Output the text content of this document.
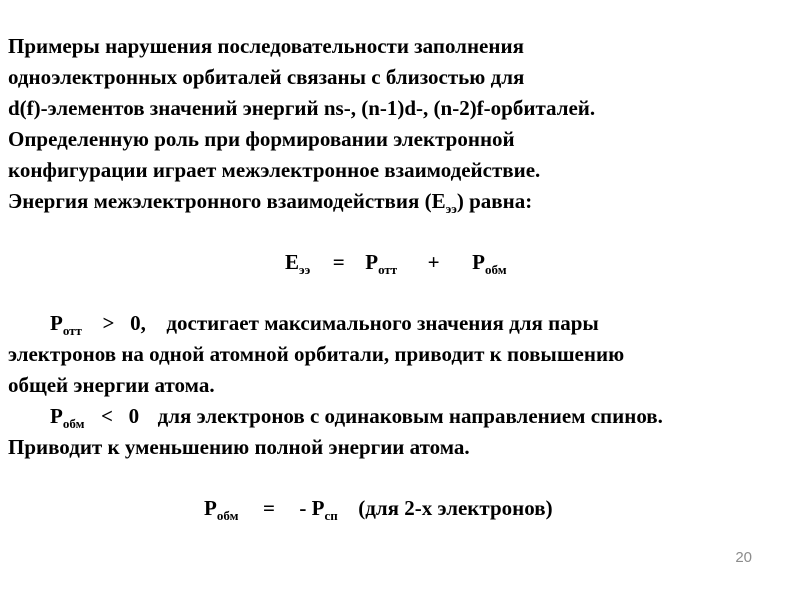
Примеры нарушения последовательности заполнения
одноэлектронных орбиталей связаны с близостью для
d(f)-элементов значений энергий ns-, (n-1)d-, (n-2)f-орбиталей.
Определенную роль при формировании электронной
конфигурации играет межэлектронное взаимодействие.
Энергия межэлектронного взаимодействия $(Е_{ээ})$ равна:
$Е_{ээ} = Р_{отт} + Р_{обм}$
$Р_{отт} > 0$, достигает максимального значения для пары
электронов на одной атомной орбитали, приводит к повышению
общей энергии атома.
$Р_{обм} < 0$ для электронов с одинаковым направлением спинов.
Приводит к уменьшению полной энергии атома.
$Р_{обм}$ = - $Р_{сп}$ (для 2-х электронов)
20
